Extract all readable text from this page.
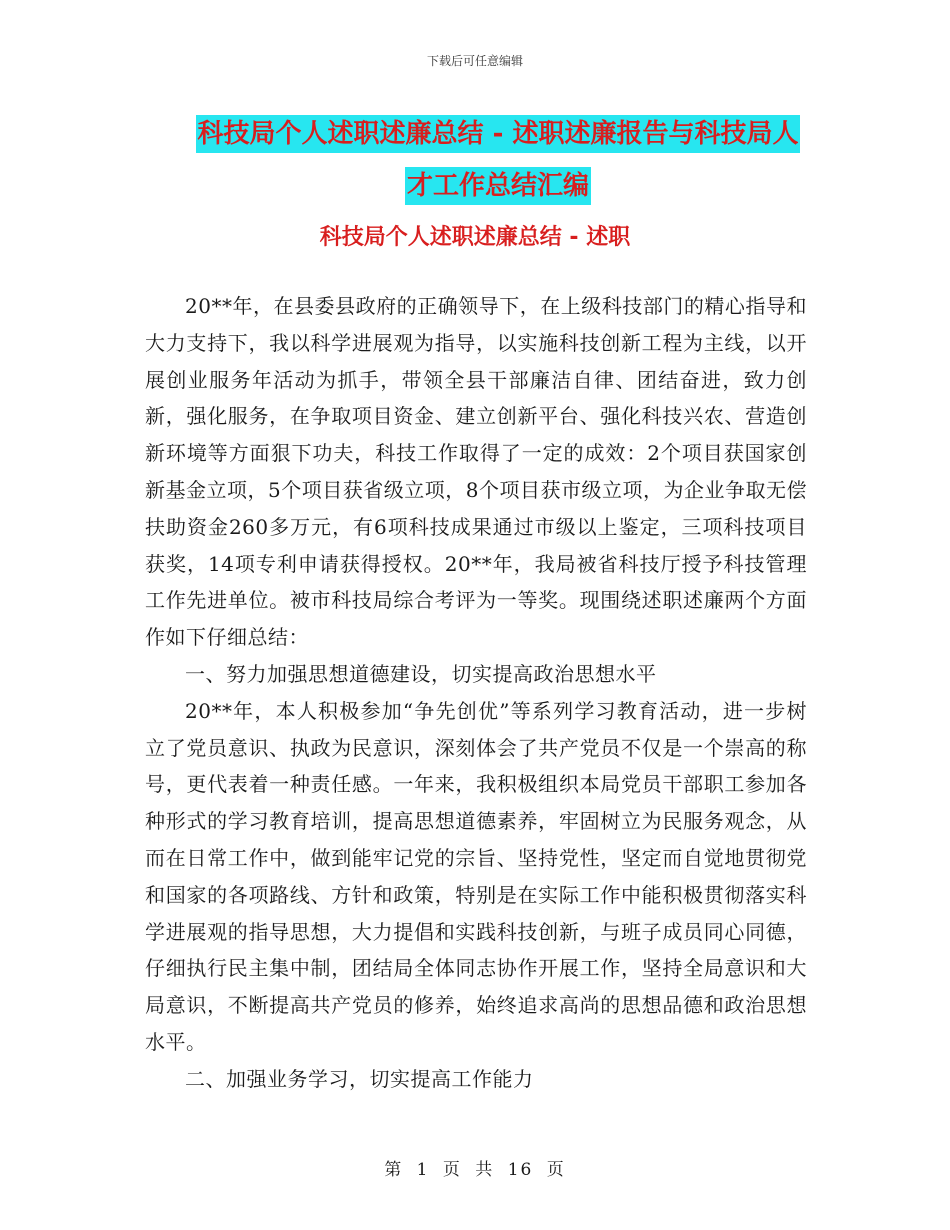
下载后可任意编辑
科技局个人述职述廉总结 - 述职述廉报告与科技局人
才工作总结汇编
科技局个人述职述廉总结 - 述职

20**年，在县委县政府的正确领导下，在上级科技部门的精心指导和大力支持下，我以科学进展观为指导，以实施科技创新工程为主线，以开展创业服务年活动为抓手，带领全县干部廉洁自律、团结奋进，致力创新，强化服务，在争取项目资金、建立创新平台、强化科技兴农、营造创新环境等方面狠下功夫，科技工作取得了一定的成效：2个项目获国家创新基金立项，5个项目获省级立项，8个项目获市级立项，为企业争取无偿扶助资金260多万元，有6项科技成果通过市级以上鉴定，三项科技项目获奖，14项专利申请获得授权。20**年，我局被省科技厅授予科技管理工作先进单位。被市科技局综合考评为一等奖。现围绕述职述廉两个方面作如下仔细总结：

一、努力加强思想道德建设，切实提高政治思想水平

20**年，本人积极参加“争先创优”等系列学习教育活动，进一步树立了党员意识、执政为民意识，深刻体会了共产党员不仅是一个崇高的称号，更代表着一种责任感。一年来，我积极组织本局党员干部职工参加各种形式的学习教育培训，提高思想道德素养，牢固树立为民服务观念，从而在日常工作中，做到能牢记党的宗旨、坚持党性，坚定而自觉地贯彻党和国家的各项路线、方针和政策，特别是在实际工作中能积极贯彻落实科学进展观的指导思想，大力提倡和实践科技创新，与班子成员同心同德，仔细执行民主集中制，团结局全体同志协作开展工作，坚持全局意识和大局意识，不断提高共产党员的修养，始终追求高尚的思想品德和政治思想水平。

二、加强业务学习，切实提高工作能力

第 1 页 共 16 页
